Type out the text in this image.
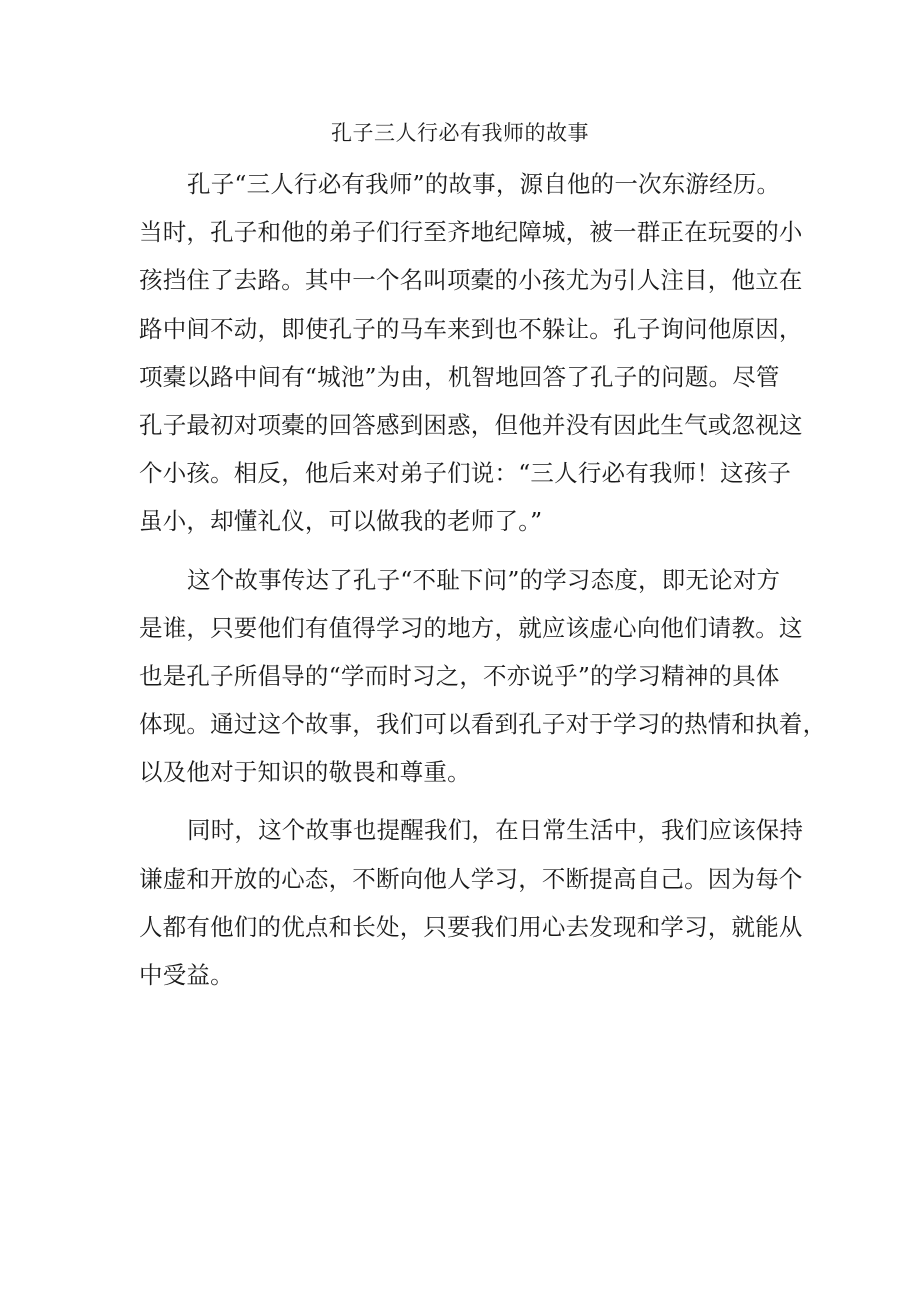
孔子三人行必有我师的故事
孔子“三人行必有我师”的故事，源自他的一次东游经历。
当时，孔子和他的弟子们行至齐地纪障城，被一群正在玩耍的小
孩挡住了去路。其中一个名叫项橐的小孩尤为引人注目，他立在
路中间不动，即使孔子的马车来到也不躲让。孔子询问他原因，
项橐以路中间有“城池”为由，机智地回答了孔子的问题。尽管
孔子最初对项橐的回答感到困惑，但他并没有因此生气或忽视这
个小孩。相反，他后来对弟子们说：“三人行必有我师！这孩子
虽小，却懂礼仪，可以做我的老师了。”
这个故事传达了孔子“不耻下问”的学习态度，即无论对方
是谁，只要他们有值得学习的地方，就应该虚心向他们请教。这
也是孔子所倡导的“学而时习之，不亦说乎”的学习精神的具体
体现。通过这个故事，我们可以看到孔子对于学习的热情和执着，
以及他对于知识的敬畏和尊重。
同时，这个故事也提醒我们，在日常生活中，我们应该保持
谦虚和开放的心态，不断向他人学习，不断提高自己。因为每个
人都有他们的优点和长处，只要我们用心去发现和学习，就能从
中受益。
